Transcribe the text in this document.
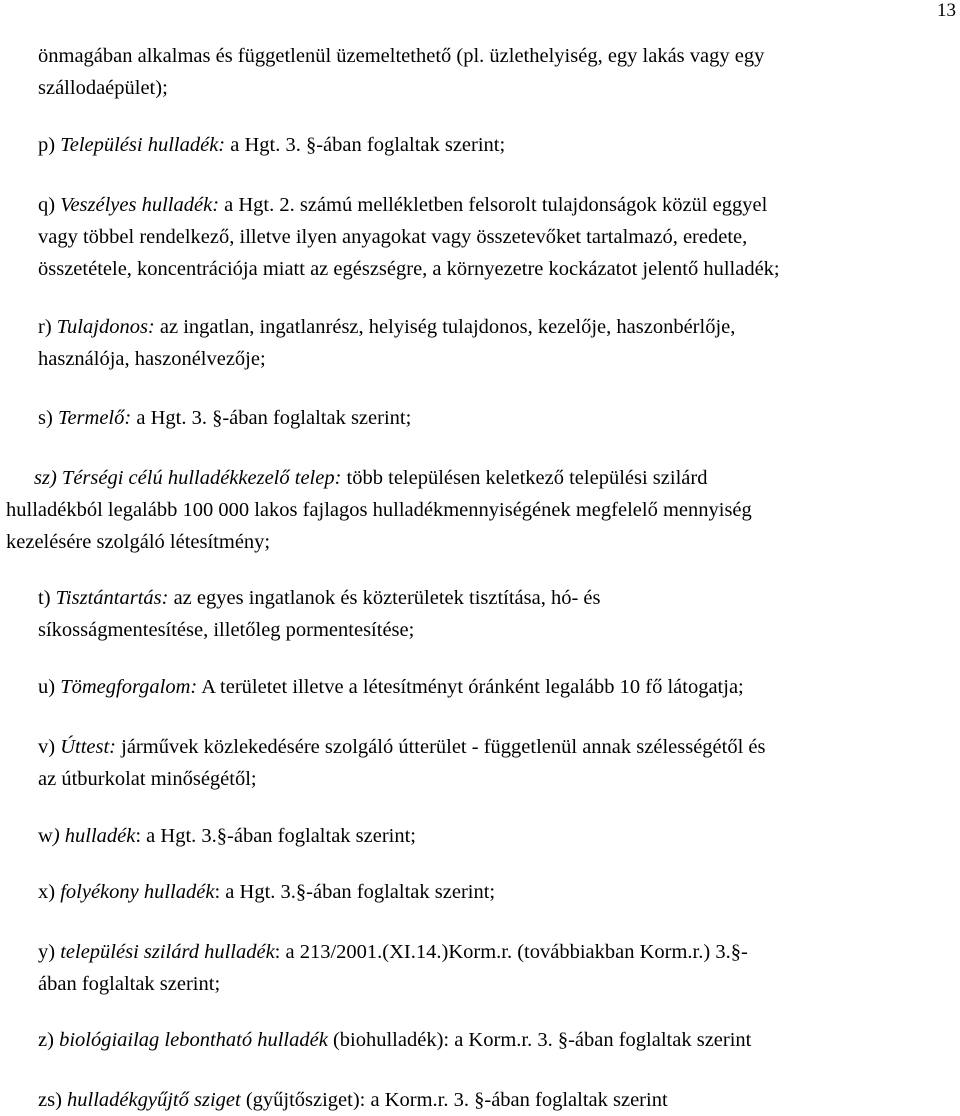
13
önmagában alkalmas és függetlenül üzemeltethető (pl. üzlethelyiség, egy lakás vagy egy
szállodaépület);
p) Települési hulladék: a Hgt. 3. §-ában foglaltak szerint;
q) Veszélyes hulladék: a Hgt. 2. számú mellékletben felsorolt tulajdonságok közül eggyel
vagy többel rendelkező, illetve ilyen anyagokat vagy összetevőket tartalmazó, eredete,
összetétele, koncentrációja miatt az egészségre, a környezetre kockázatot jelentő hulladék;
r) Tulajdonos: az ingatlan, ingatlanrész, helyiség tulajdonos, kezelője, haszonbérlője,
használója, haszonélvezője;
s) Termelő: a Hgt. 3. §-ában foglaltak szerint;
sz) Térségi célú hulladékkezelő telep: több településen keletkező települési szilárd
hulladékból legalább 100 000 lakos fajlagos hulladékmennyiségének megfelelő mennyiség
kezelésére szolgáló létesítmény;
t) Tisztántartás: az egyes ingatlanok és közterületek tisztítása, hó- és
síkosságmentesítése, illetőleg pormentesítése;
u) Tömegforgalom: A területet illetve a létesítményt óránként legalább 10 fő látogatja;
v) Úttest: járművek közlekedésére szolgáló útterület - függetlenül annak szélességétől és
az útburkolat minőségétől;
w) hulladék: a Hgt. 3.§-ában foglaltak szerint;
x) folyékony hulladék: a Hgt. 3.§-ában foglaltak szerint;
y) települési szilárd hulladék: a 213/2001.(XI.14.)Korm.r. (továbbiakban Korm.r.) 3.§-
ában foglaltak szerint;
z) biológiailag lebontható hulladék (biohulladék): a Korm.r. 3. §-ában foglaltak szerint
zs) hulladékgyűjtő sziget (gyűjtősziget): a Korm.r. 3. §-ában foglaltak szerint
